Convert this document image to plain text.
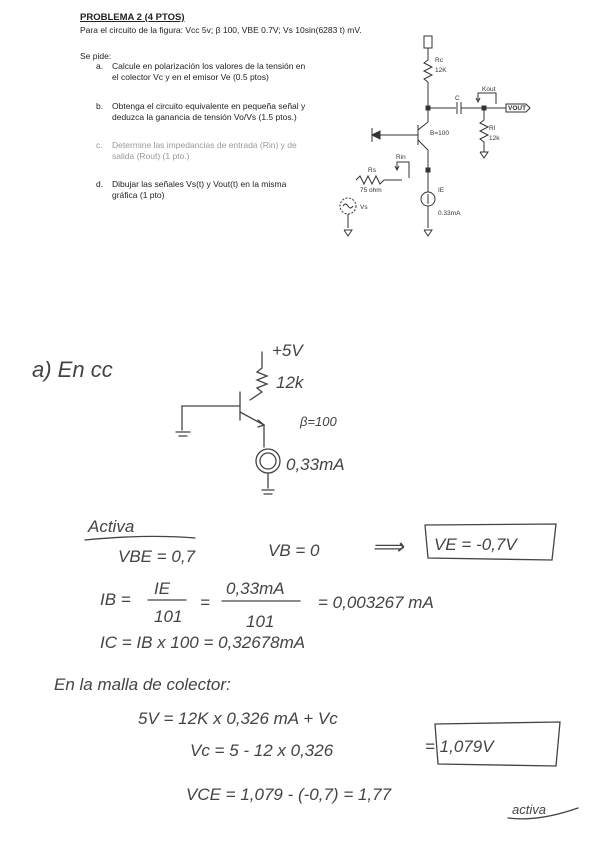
PROBLEMA 2 (4 PTOS)
Para el circuito de la figura: Vcc 5v; β 100, VBE 0.7V; Vs 10sin(6283 t) mV.
Se pide:
a. Calcule en polarización los valores de la tensión en
el colector Vc y en el emisor Ve (0.5 ptos)
b. Obtenga el circuito equivalente en pequeña señal y
deduzca la ganancia de tensión Vo/Vs (1.5 ptos.)
c. Determine las impedancias de entrada (Rin) y de
salida (Rout) (1 pto.)
d. Dibujar las señales Vs(t) y Vout(t) en la misma
gráfica (1 pto)
Rc
12K
B=100
Kout
C
VOUT
Rl
12k
Rin
Rs
75 ohm
Vs
IE
0.33mA
a) En cc
+5V
12k
0,33mA
Activa
VBE = 0,7	VB = 0 ⟹ VE = -0,7V
IB =
IE
101
=
0,33mA
101
= 0,003267 mA
IC = IB x 100 = 0,32678mA
En la malla de colector:
5V = 12K x 0,326 mA + Vc
Vc = 5 - 12 x 0,326	= 1,079V
VCE = 1,079 - (-0,7) = 1,77
β=100
activa
